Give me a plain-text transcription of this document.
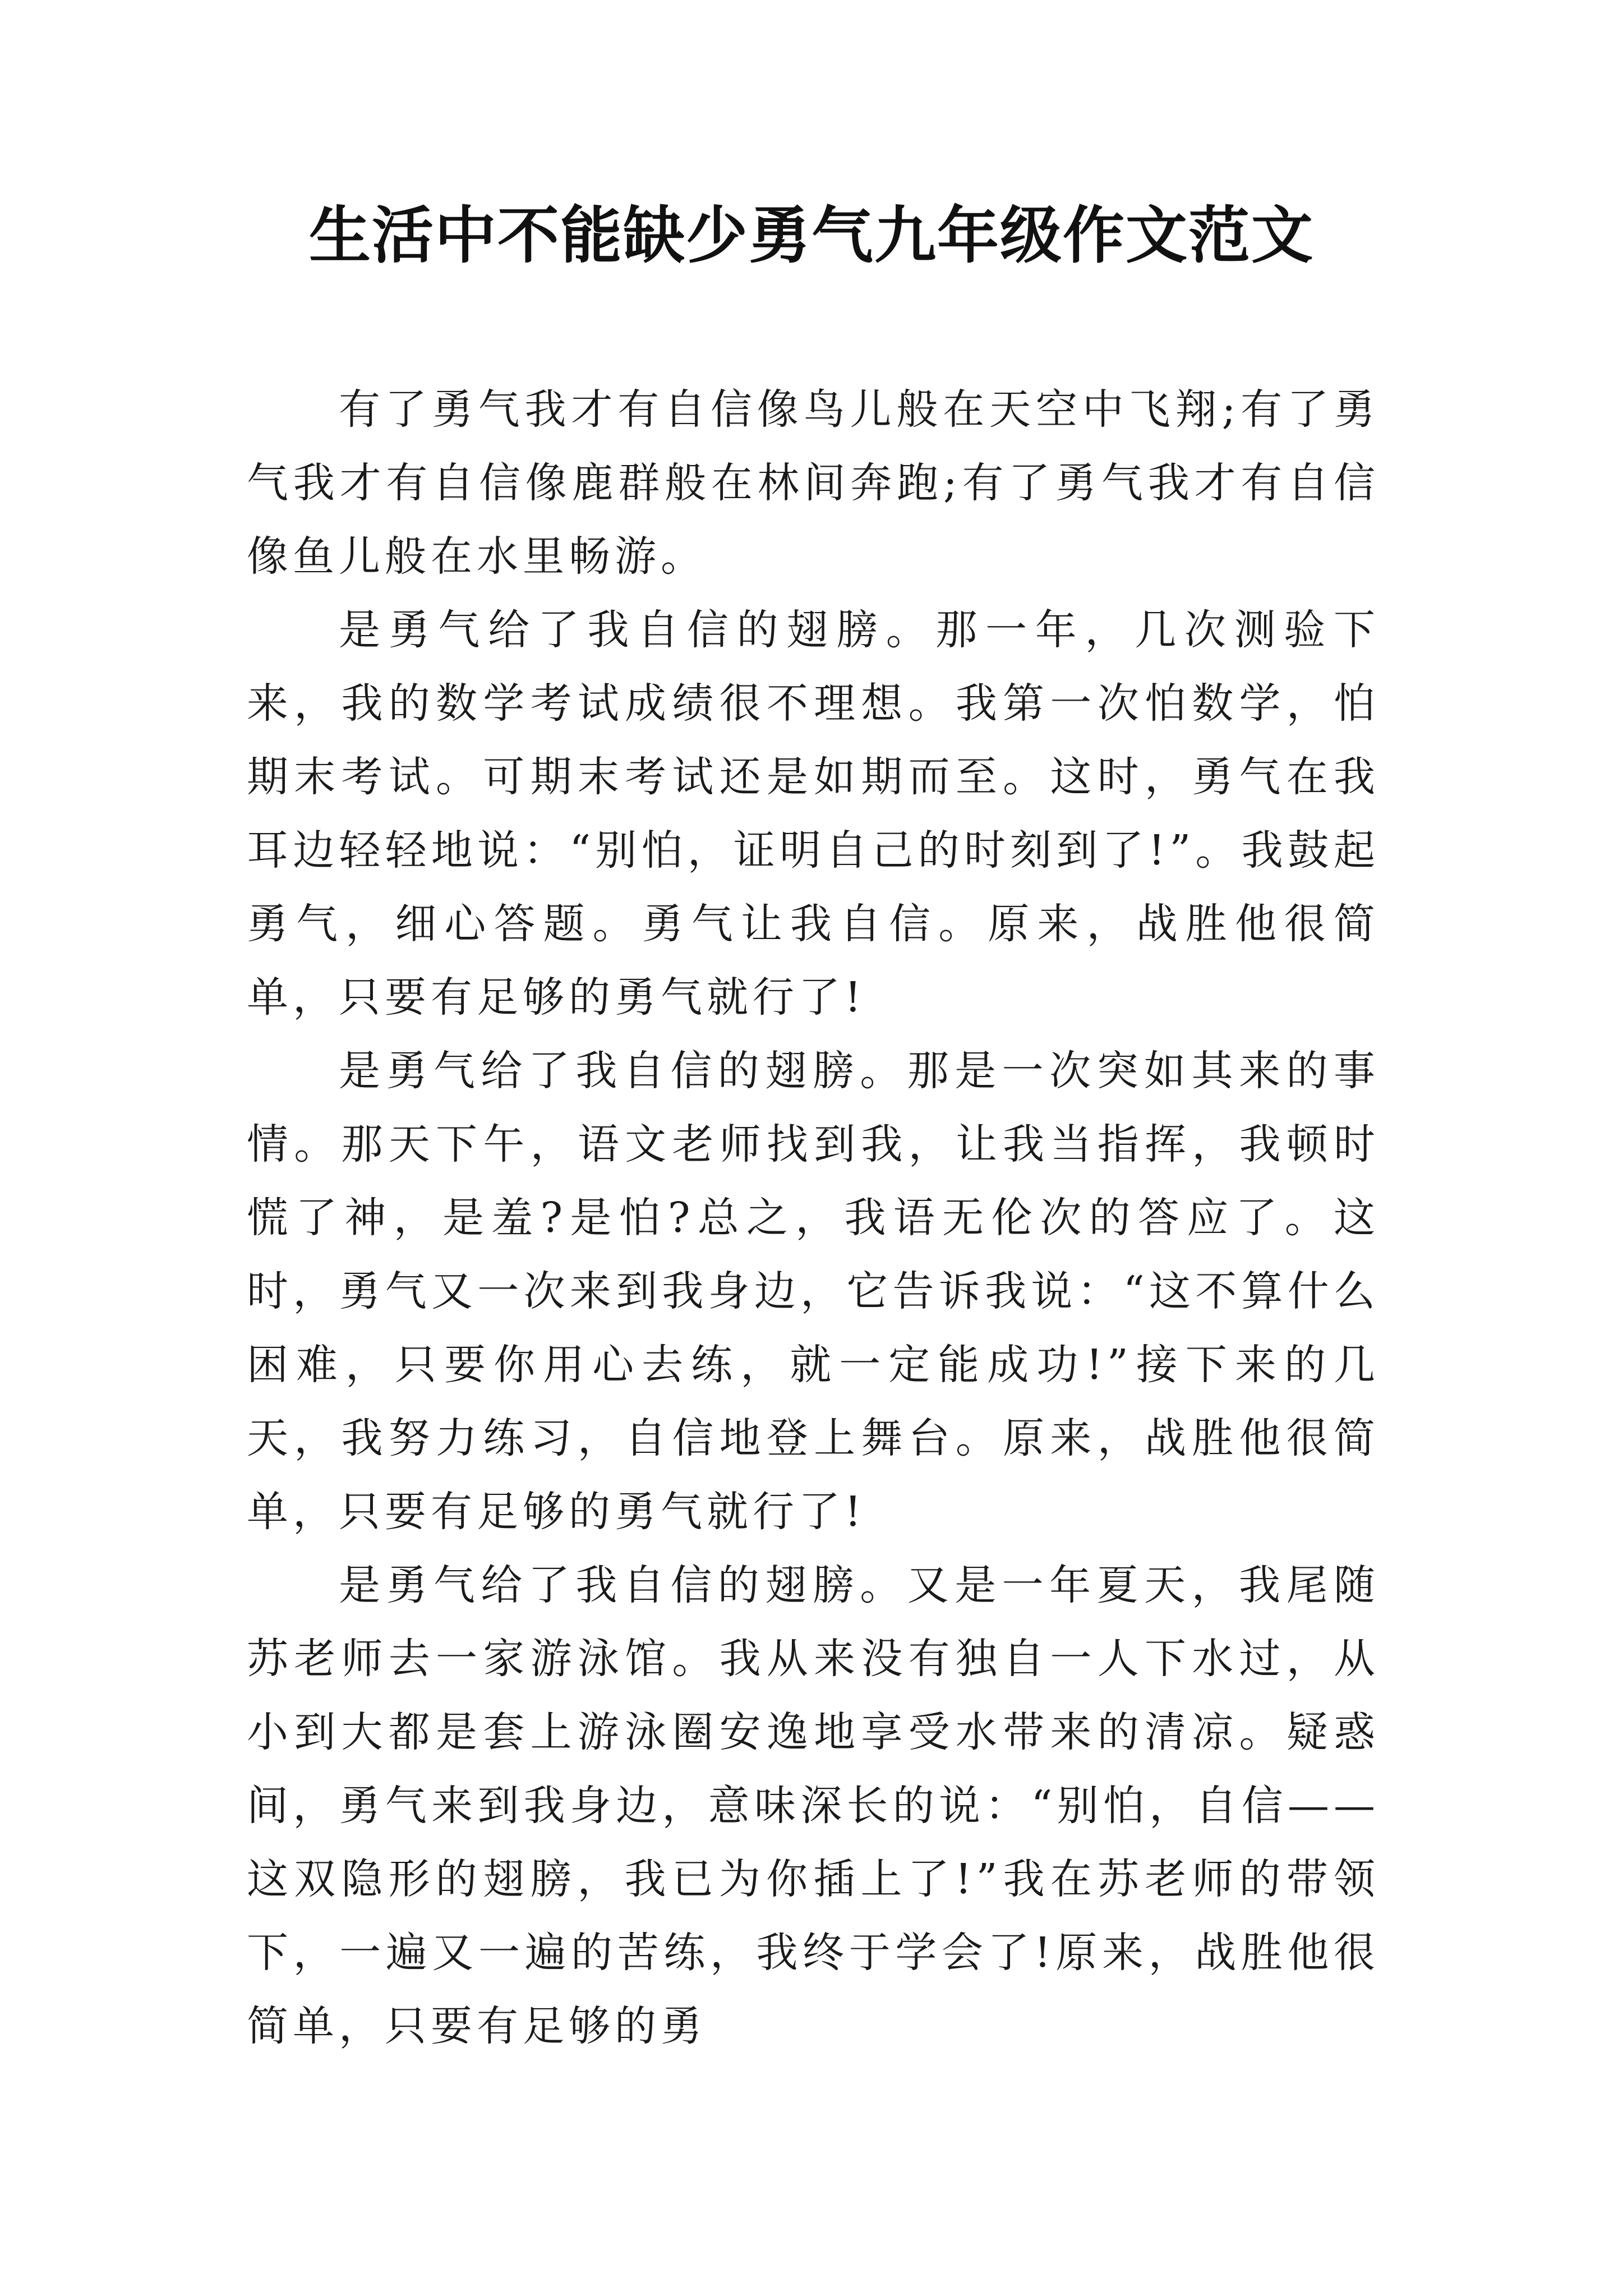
生活中不能缺少勇气九年级作文范文

有了勇气我才有自信像鸟儿般在天空中飞翔;有了勇气我才有自信像鹿群般在林间奔跑;有了勇气我才有自信像鱼儿般在水里畅游。

是勇气给了我自信的翅膀。那一年，几次测验下来，我的数学考试成绩很不理想。我第一次怕数学，怕期末考试。可期末考试还是如期而至。这时，勇气在我耳边轻轻地说：“别怕，证明自己的时刻到了!”。我鼓起勇气，细心答题。勇气让我自信。原来，战胜他很简单，只要有足够的勇气就行了!

是勇气给了我自信的翅膀。那是一次突如其来的事情。那天下午，语文老师找到我，让我当指挥，我顿时慌了神，是羞?是怕?总之，我语无伦次的答应了。这时，勇气又一次来到我身边，它告诉我说：“这不算什么困难，只要你用心去练，就一定能成功!”接下来的几天，我努力练习，自信地登上舞台。原来，战胜他很简单，只要有足够的勇气就行了!

是勇气给了我自信的翅膀。又是一年夏天，我尾随苏老师去一家游泳馆。我从来没有独自一人下水过，从小到大都是套上游泳圈安逸地享受水带来的清凉。疑惑间，勇气来到我身边，意味深长的说：“别怕，自信——这双隐形的翅膀，我已为你插上了!”我在苏老师的带领下，一遍又一遍的苦练，我终于学会了!原来，战胜他很简单，只要有足够的勇
